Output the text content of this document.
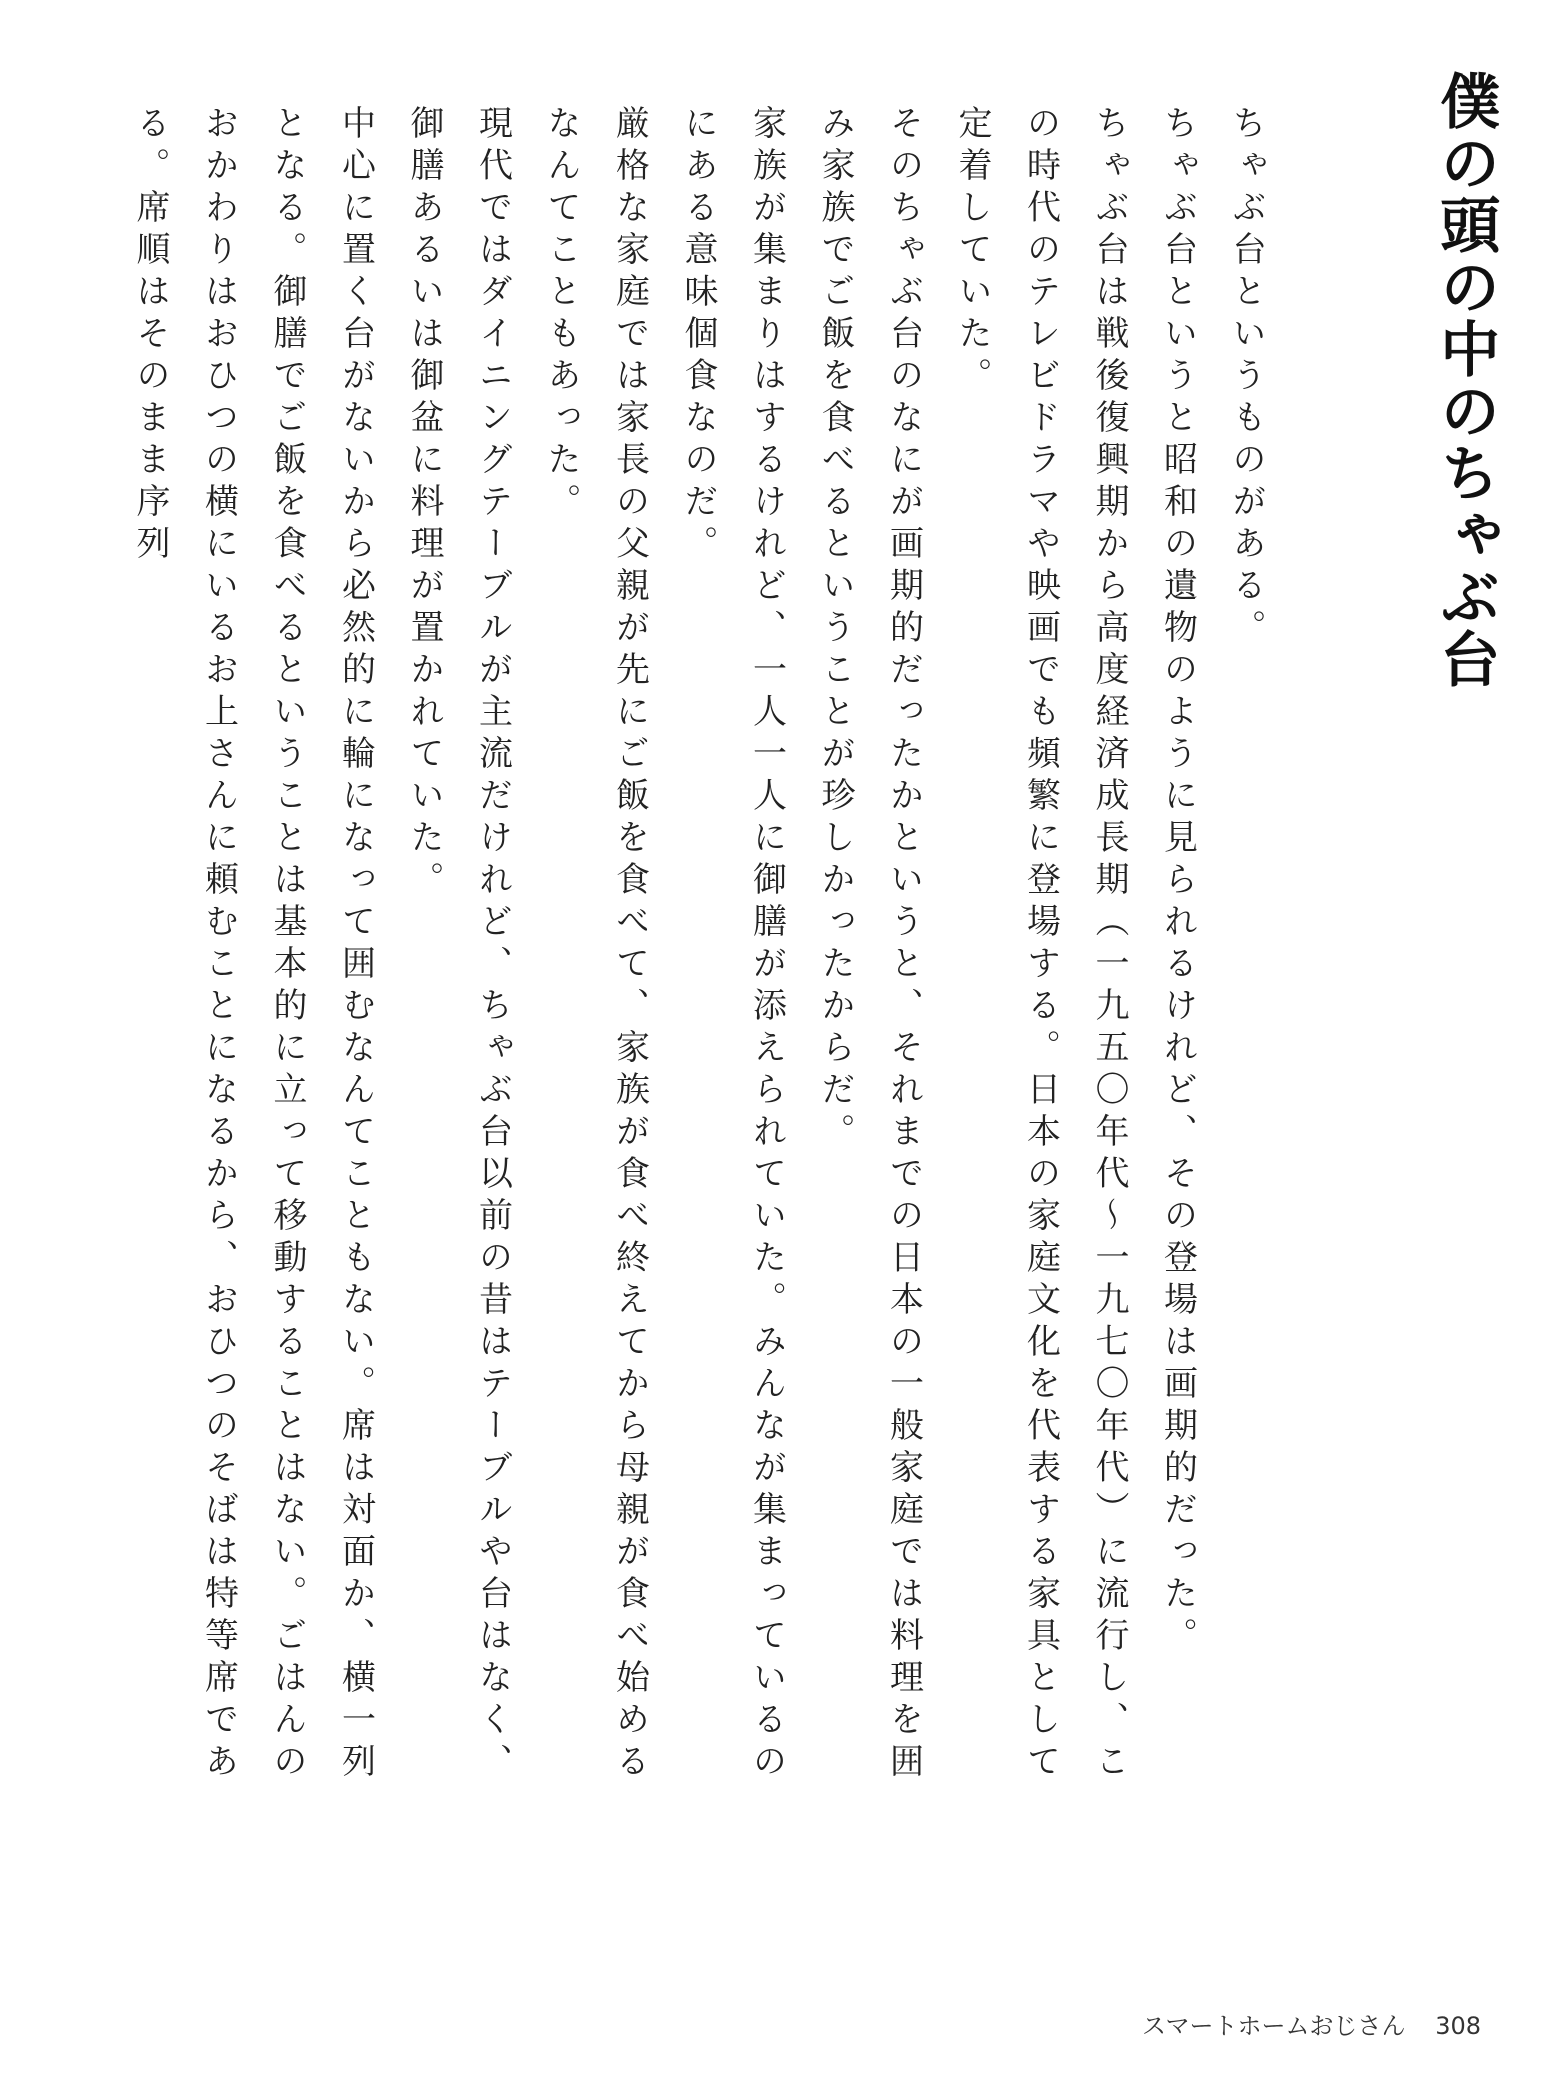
僕の頭の中のちゃぶ台

ちゃぶ台というものがある。

ちゃぶ台というと昭和の遺物のように見られるけれど、その登場は画期的だった。

ちゃぶ台は戦後復興期から高度経済成長期（一九五〇年代～一九七〇年代）に流行し、この時代のテレビドラマや映画でも頻繁に登場する。日本の家庭文化を代表する家具として定着していた。

そのちゃぶ台のなにが画期的だったかというと、それまでの日本の一般家庭では料理を囲み家族でご飯を食べるということが珍しかったからだ。

家族が集まりはするけれど、一人一人に御膳が添えられていた。みんなが集まっているのにある意味個食なのだ。

厳格な家庭では家長の父親が先にご飯を食べて、家族が食べ終えてから母親が食べ始めるなんてこともあった。

現代ではダイニングテーブルが主流だけれど、ちゃぶ台以前の昔はテーブルや台はなく、御膳あるいは御盆に料理が置かれていた。

中心に置く台がないから必然的に輪になって囲むなんてこともない。席は対面か、横一列となる。御膳でご飯を食べるということは基本的に立って移動することはない。ごはんのおかわりはおひつの横にいるお上さんに頼むことになるから、おひつのそばは特等席である。席順はそのまま序列

スマートホームおじさん 308
